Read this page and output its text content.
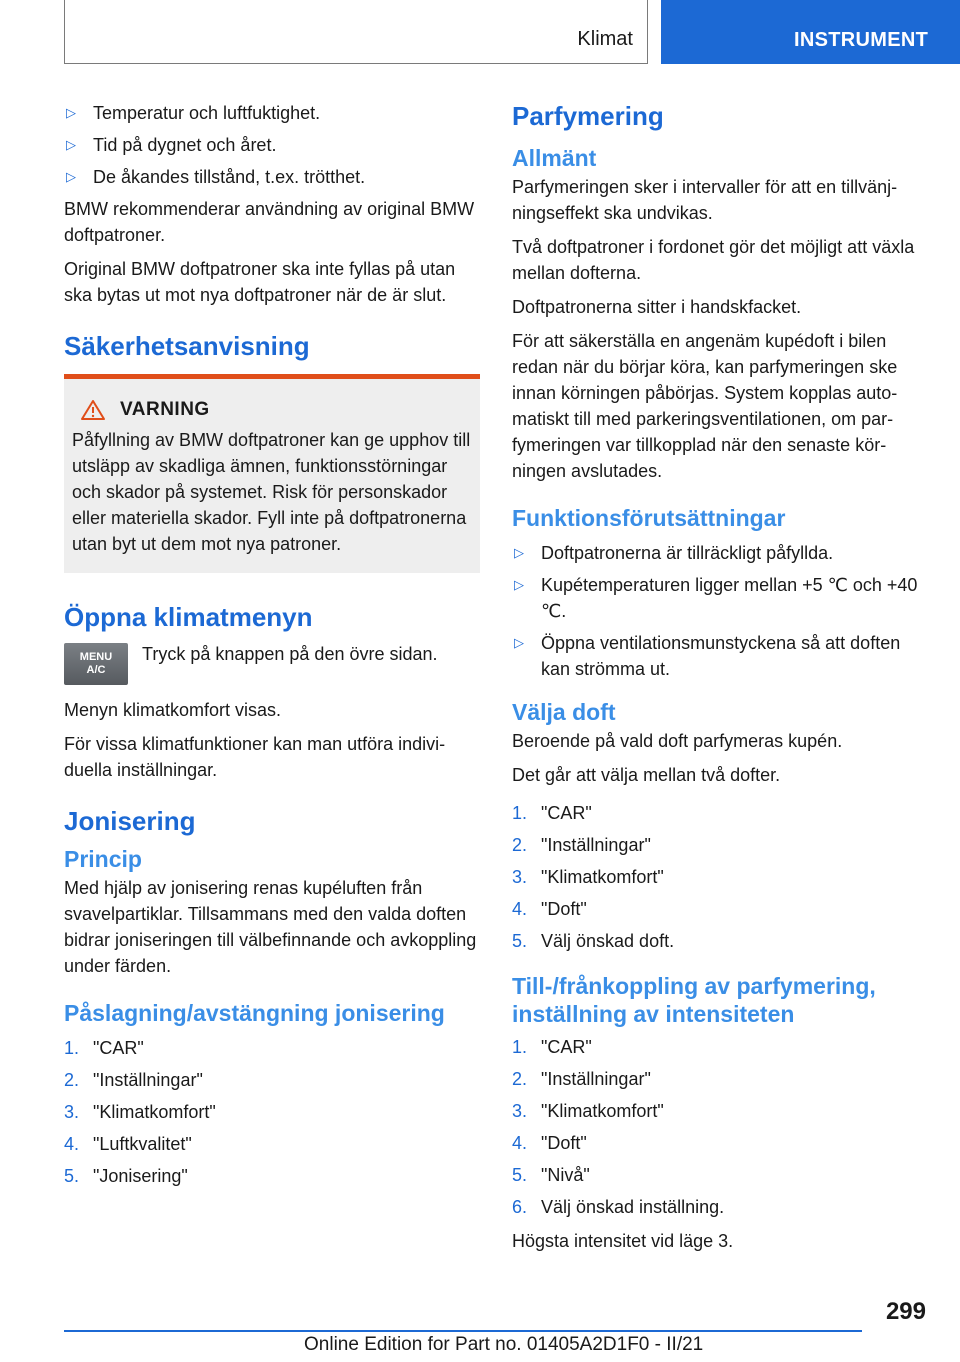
Klimat	INSTRUMENT
▷ Temperatur och luftfuktighet.
▷ Tid på dygnet och året.
▷ De åkandes tillstånd, t.ex. trötthet.

BMW rekommenderar användning av original BMW doftpatroner.

Original BMW doftpatroner ska inte fyllas på utan ska bytas ut mot nya doftpatroner när de är slut.

Säkerhetsanvisning
VARNING

Påfyllning av BMW doftpatroner kan ge upphov till utsläpp av skadliga ämnen, funktionsstörningar och skador på systemet. Risk för personskador eller materiella skador. Fyll inte på doftpatronerna utan byt ut dem mot nya patroner.

Öppna klimatmenyn
MENU
A/C

Tryck på knappen på den övre sidan.

Menyn klimatkomfort visas.

För vissa klimatfunktioner kan man utföra individuella inställningar.

Jonisering
Princip

Med hjälp av jonisering renas kupéluften från svavelpartiklar. Tillsammans med den valda doften bidrar joniseringen till välbefinnande och avkoppling under färden.

Påslagning/avstängning jonisering
1. "CAR"
2. "Inställningar"
3. "Klimatkomfort"
4. "Luftkvalitet"
5. "Jonisering"
Parfymering
Allmänt

Parfymeringen sker i intervaller för att en tillvänjningseffekt ska undvikas.

Två doftpatroner i fordonet gör det möjligt att växla mellan dofterna.

Doftpatronerna sitter i handskfacket.

För att säkerställa en angenäm kupédoft i bilen redan när du börjar köra, kan parfymeringen ske innan körningen påbörjas. System kopplas automatiskt till med parkeringsventilationen, om parfymeringen var tillkopplad när den senaste körningen avslutades.

Funktionsförutsättningar
▷ Doftpatronerna är tillräckligt påfyllda.
▷ Kupétemperaturen ligger mellan +5 ℃ och +40 ℃.
▷ Öppna ventilationsmunstyckena så att doften kan strömma ut.
Välja doft

Beroende på vald doft parfymeras kupén.

Det går att välja mellan två dofter.

1. "CAR"
2. "Inställningar"
3. "Klimatkomfort"
4. "Doft"
5. Välj önskad doft.
Till-/frånkoppling av parfymering, inställning av intensiteten
1. "CAR"
2. "Inställningar"
3. "Klimatkomfort"
4. "Doft"
5. "Nivå"
6. Välj önskad inställning.

Högsta intensitet vid läge 3.

299
Online Edition for Part no. 01405A2D1F0 - II/21
